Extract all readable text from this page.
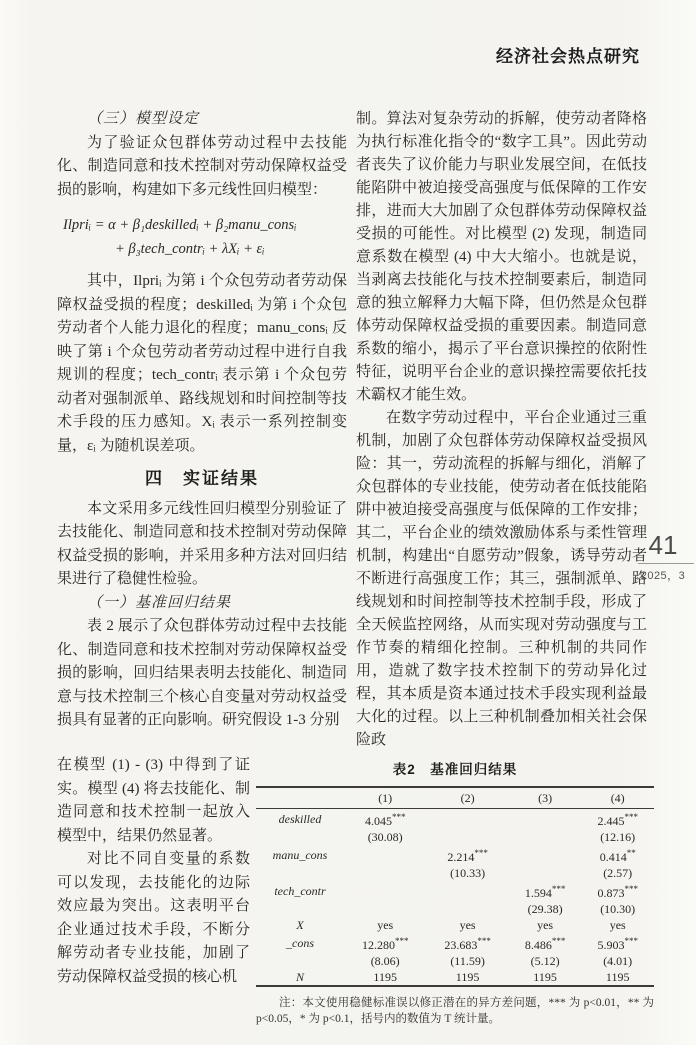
经济社会热点研究

（三）模型设定

为了验证众包群体劳动过程中去技能化、制造同意和技术控制对劳动保障权益受损的影响，构建如下多元线性回归模型：

Ilpriᵢ = α + β₁deskilledᵢ + β₂manu_consᵢ
+ β₃tech_contrᵢ + λXᵢ + εᵢ

其中，Ilpriᵢ 为第 i 个众包劳动者劳动保障权益受损的程度；deskilledᵢ 为第 i 个众包劳动者个人能力退化的程度；manu_consᵢ 反映了第 i 个众包劳动者劳动过程中进行自我规训的程度；tech_contrᵢ 表示第 i 个众包劳动者对强制派单、路线规划和时间控制等技术手段的压力感知。Xᵢ 表示一系列控制变量，εᵢ 为随机误差项。

四　实证结果

本文采用多元线性回归模型分别验证了去技能化、制造同意和技术控制对劳动保障权益受损的影响，并采用多种方法对回归结果进行了稳健性检验。

（一）基准回归结果

表 2 展示了众包群体劳动过程中去技能化、制造同意和技术控制对劳动保障权益受损的影响，回归结果表明去技能化、制造同意与技术控制三个核心自变量对劳动权益受损具有显著的正向影响。研究假设 1-3 分别

在模型 (1) - (3) 中得到了证实。模型 (4) 将去技能化、制造同意和技术控制一起放入模型中，结果仍然显著。

对比不同自变量的系数可以发现，去技能化的边际效应最为突出。这表明平台企业通过技术手段，不断分解劳动者专业技能，加剧了劳动保障权益受损的核心机

制。算法对复杂劳动的拆解，使劳动者降格为执行标准化指令的“数字工具”。因此劳动者丧失了议价能力与职业发展空间，在低技能陷阱中被迫接受高强度与低保障的工作安排，进而大大加剧了众包群体劳动保障权益受损的可能性。对比模型 (2) 发现，制造同意系数在模型 (4) 中大大缩小。也就是说，当剥离去技能化与技术控制要素后，制造同意的独立解释力大幅下降，但仍然是众包群体劳动保障权益受损的重要因素。制造同意系数的缩小，揭示了平台意识操控的依附性特征，说明平台企业的意识操控需要依托技术霸权才能生效。

在数字劳动过程中，平台企业通过三重机制，加剧了众包群体劳动保障权益受损风险：其一，劳动流程的拆解与细化，消解了众包群体的专业技能，使劳动者在低技能陷阱中被迫接受高强度与低保障的工作安排；其二，平台企业的绩效激励体系与柔性管理机制，构建出“自愿劳动”假象，诱导劳动者不断进行高强度工作；其三，强制派单、路线规划和时间控制等技术控制手段，形成了全天候监控网络，从而实现对劳动强度与工作节奏的精细化控制。三种机制的共同作用，造就了数字技术控制下的劳动异化过程，其本质是资本通过技术手段实现利益最大化的过程。以上三种机制叠加相关社会保险政

表2　基准回归结果
	(1)	(2)	(3)	(4)
deskilled	4.045***			2.445***
	(30.08)			(12.16)
manu_cons		2.214***		0.414**
		(10.33)		(2.57)
tech_contr			1.594***	0.873***
			(29.38)	(10.30)
X	yes	yes	yes	yes
_cons	12.280***	23.683***	8.486***	5.903***
	(8.06)	(11.59)	(5.12)	(4.01)
N	1195	1195	1195	1195
注：本文使用稳健标准误以修正潜在的异方差问题，*** 为 p<0.01，** 为 p<0.05，* 为 p<0.1，括号内的数值为 T 统计量。
41
2025，3
